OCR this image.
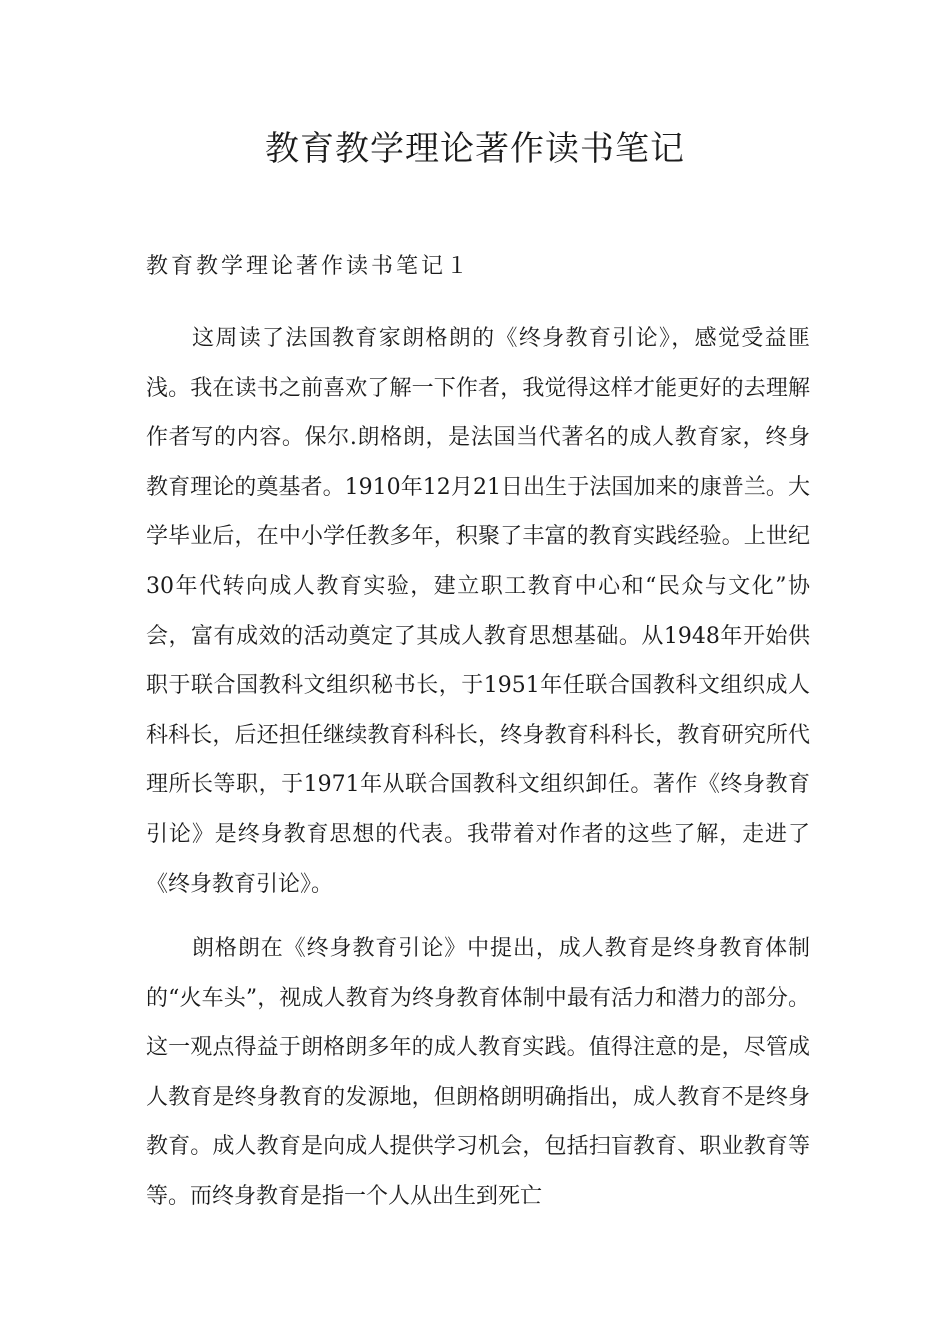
教育教学理论著作读书笔记
教育教学理论著作读书笔记１

这周读了法国教育家朗格朗的《终身教育引论》，感觉受益匪浅。我在读书之前喜欢了解一下作者，我觉得这样才能更好的去理解作者写的内容。保尔.朗格朗，是法国当代著名的成人教育家，终身教育理论的奠基者。1910年12月21日出生于法国加来的康普兰。大学毕业后，在中小学任教多年，积聚了丰富的教育实践经验。上世纪30年代转向成人教育实验，建立职工教育中心和“民众与文化”协会，富有成效的活动奠定了其成人教育思想基础。从1948年开始供职于联合国教科文组织秘书长，于1951年任联合国教科文组织成人科科长，后还担任继续教育科科长，终身教育科科长，教育研究所代理所长等职，于1971年从联合国教科文组织卸任。著作《终身教育引论》是终身教育思想的代表。我带着对作者的这些了解，走进了《终身教育引论》。

朗格朗在《终身教育引论》中提出，成人教育是终身教育体制的“火车头”，视成人教育为终身教育体制中最有活力和潜力的部分。这一观点得益于朗格朗多年的成人教育实践。值得注意的是，尽管成人教育是终身教育的发源地，但朗格朗明确指出，成人教育不是终身教育。成人教育是向成人提供学习机会，包括扫盲教育、职业教育等等。而终身教育是指一个人从出生到死亡
